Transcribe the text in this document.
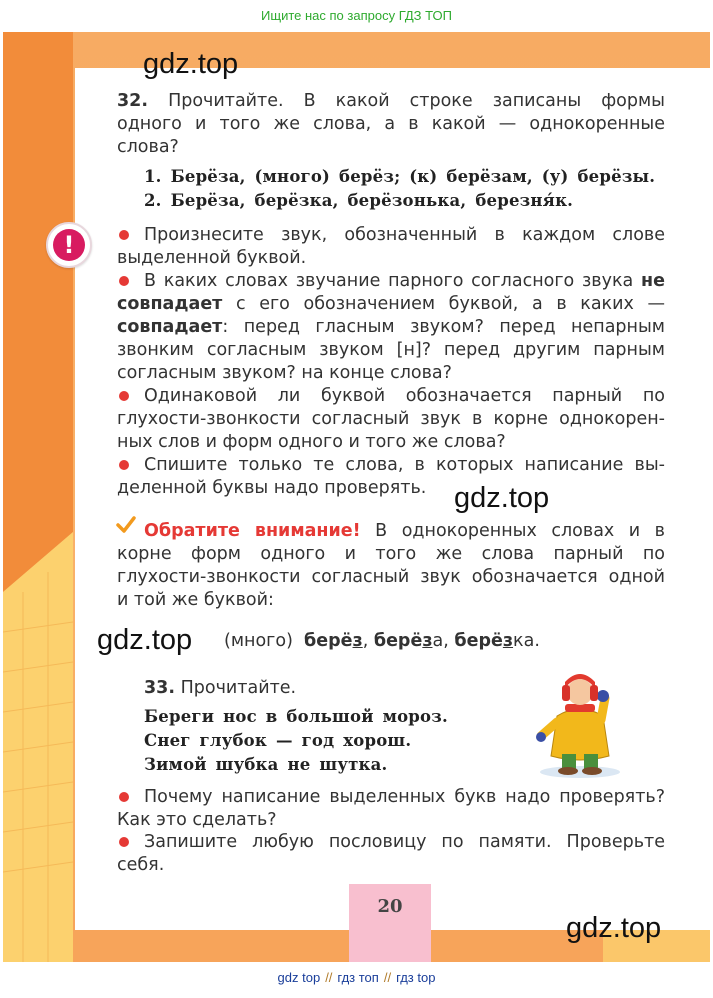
Ищите нас по запросу ГДЗ ТОП
gdz.top
gdz.top
gdz.top
gdz.top
32. Прочитайте. В какой строке записаны формы
одного и того же слова, а в какой — однокоренные
слова?
1. Берёза, (много) берёз; (к) берёзам, (у) берёзы.
2. Берёза, берёзка, берёзонька, березняк.
!	Произнесите звук, обозначенный в каждом слове
выделенной буквой.
В каких словах звучание парного согласного звука не
совпадает с его обозначением буквой, а в каких —
совпадает: перед гласным звуком? перед непарным
звонким согласным звуком [н]? перед другим парным
согласным звуком? на конце слова?
Одинаковой ли буквой обозначается парный по
глухости-звонкости согласный звук в корне однокорен-
ных слов и форм одного и того же слова?
Спишите только те слова, в которых написание вы-
деленной буквы надо проверять.
Обратите внимание! В однокоренных словах и в
корне форм одного и того же слова парный по
глухости-звонкости согласный звук обозначается одной
и той же буквой:
(много) берёз, берёза, берёзка.
33. Прочитайте.
Береги нос в большой мороз.
Снег глубок — год хорош.
Зимой шубка не шутка.
Почему написание выделенных букв надо проверять?
Как это сделать?
Запишите любую пословицу по памяти. Проверьте
себя.
20
gdz top // гдз топ // гдз top
